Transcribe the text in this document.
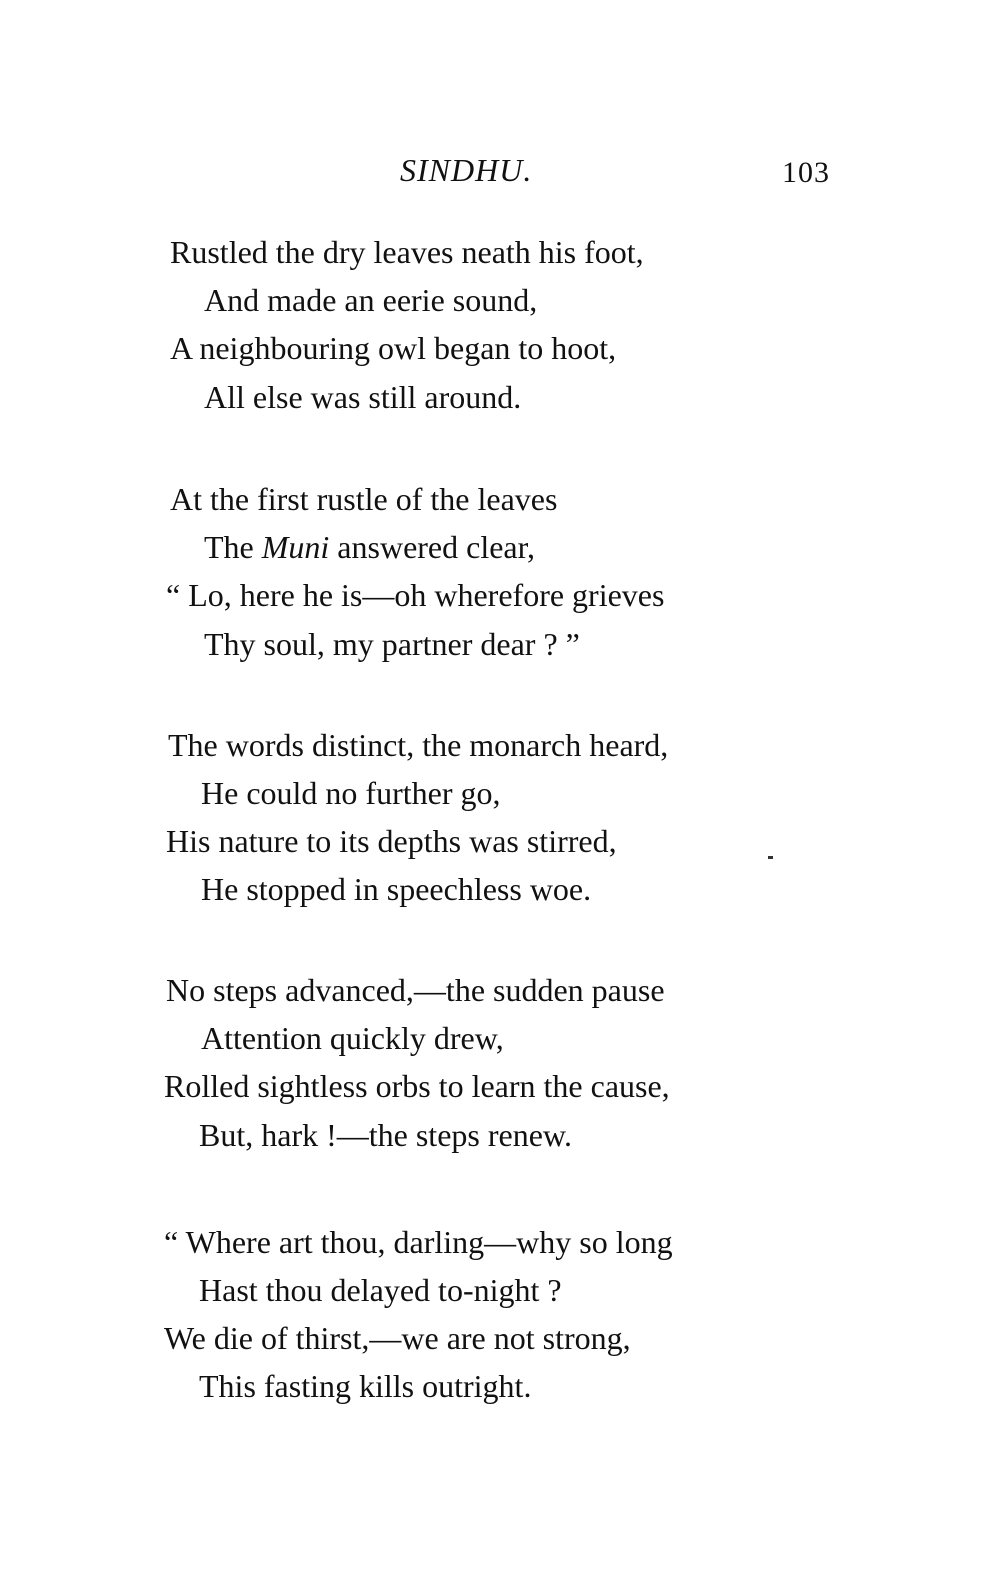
SINDHU.	103
Rustled the dry leaves neath his foot,
And made an eerie sound,
A neighbouring owl began to hoot,
All else was still around.
At the first rustle of the leaves
The Muni answered clear,
“ Lo, here he is—oh wherefore grieves
Thy soul, my partner dear ? ”
The words distinct, the monarch heard,
He could no further go,
His nature to its depths was stirred,
He stopped in speechless woe.
No steps advanced,—the sudden pause
Attention quickly drew,
Rolled sightless orbs to learn the cause,
But, hark !—the steps renew.
“ Where art thou, darling—why so long
Hast thou delayed to-night ?
We die of thirst,—we are not strong,
This fasting kills outright.
